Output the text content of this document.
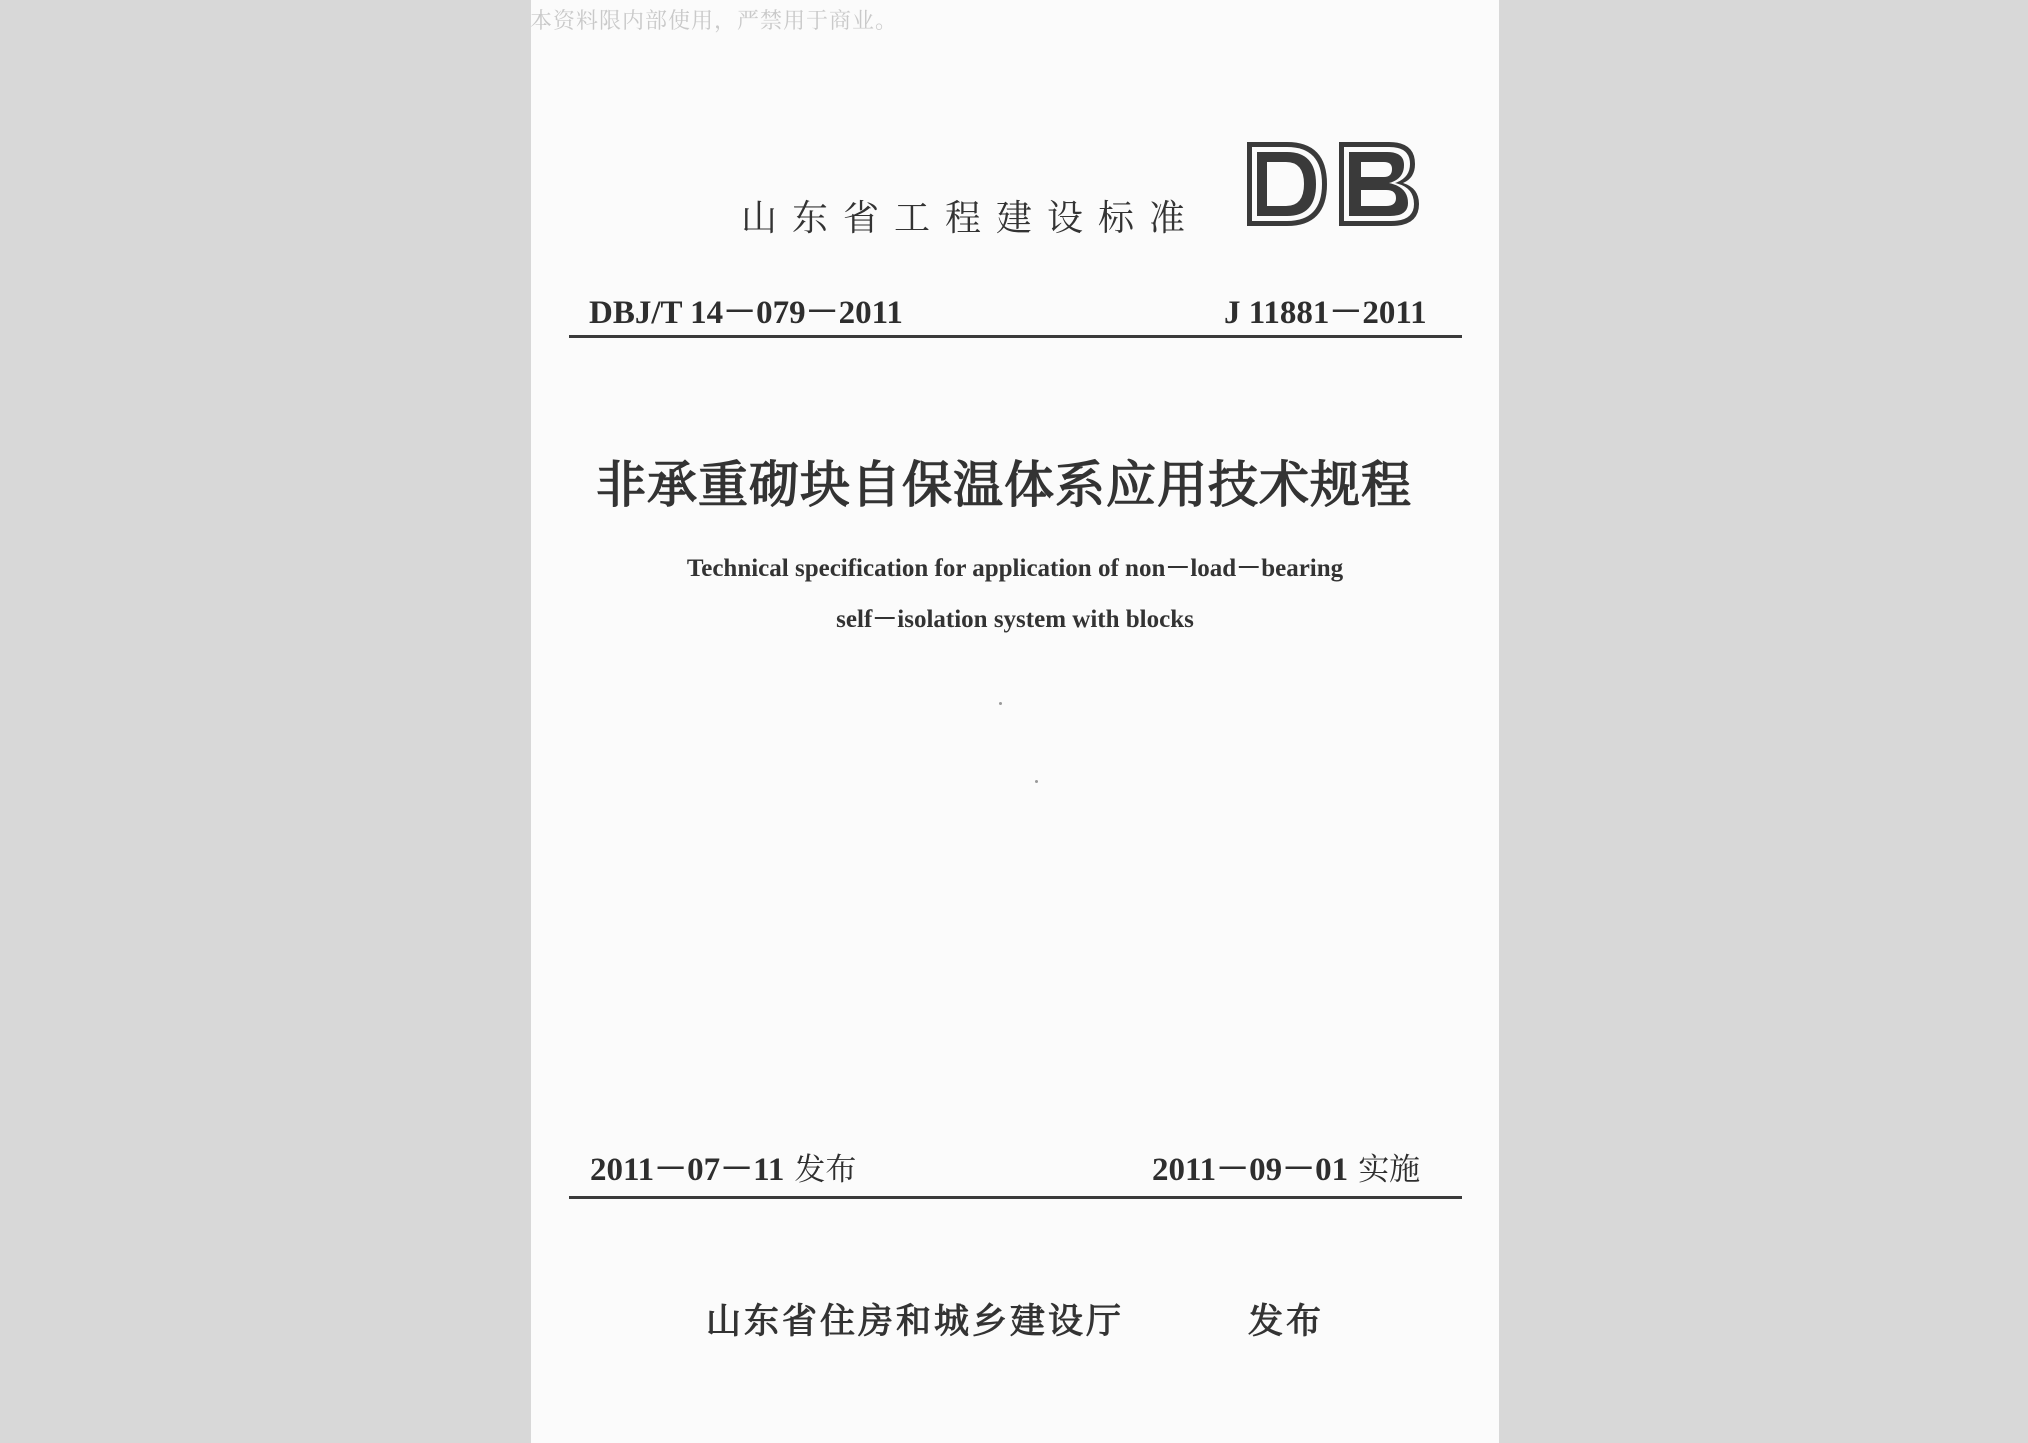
本资料限内部使用，严禁用于商业。
山东省工程建设标准
DBJ/T 14－079－2011	J 11881－2011
非承重砌块自保温体系应用技术规程
Technical specification for application of non－load－bearing
self－isolation system with blocks
2011－07－11 发布	2011－09－01 实施
山东省住房和城乡建设厅	发布
